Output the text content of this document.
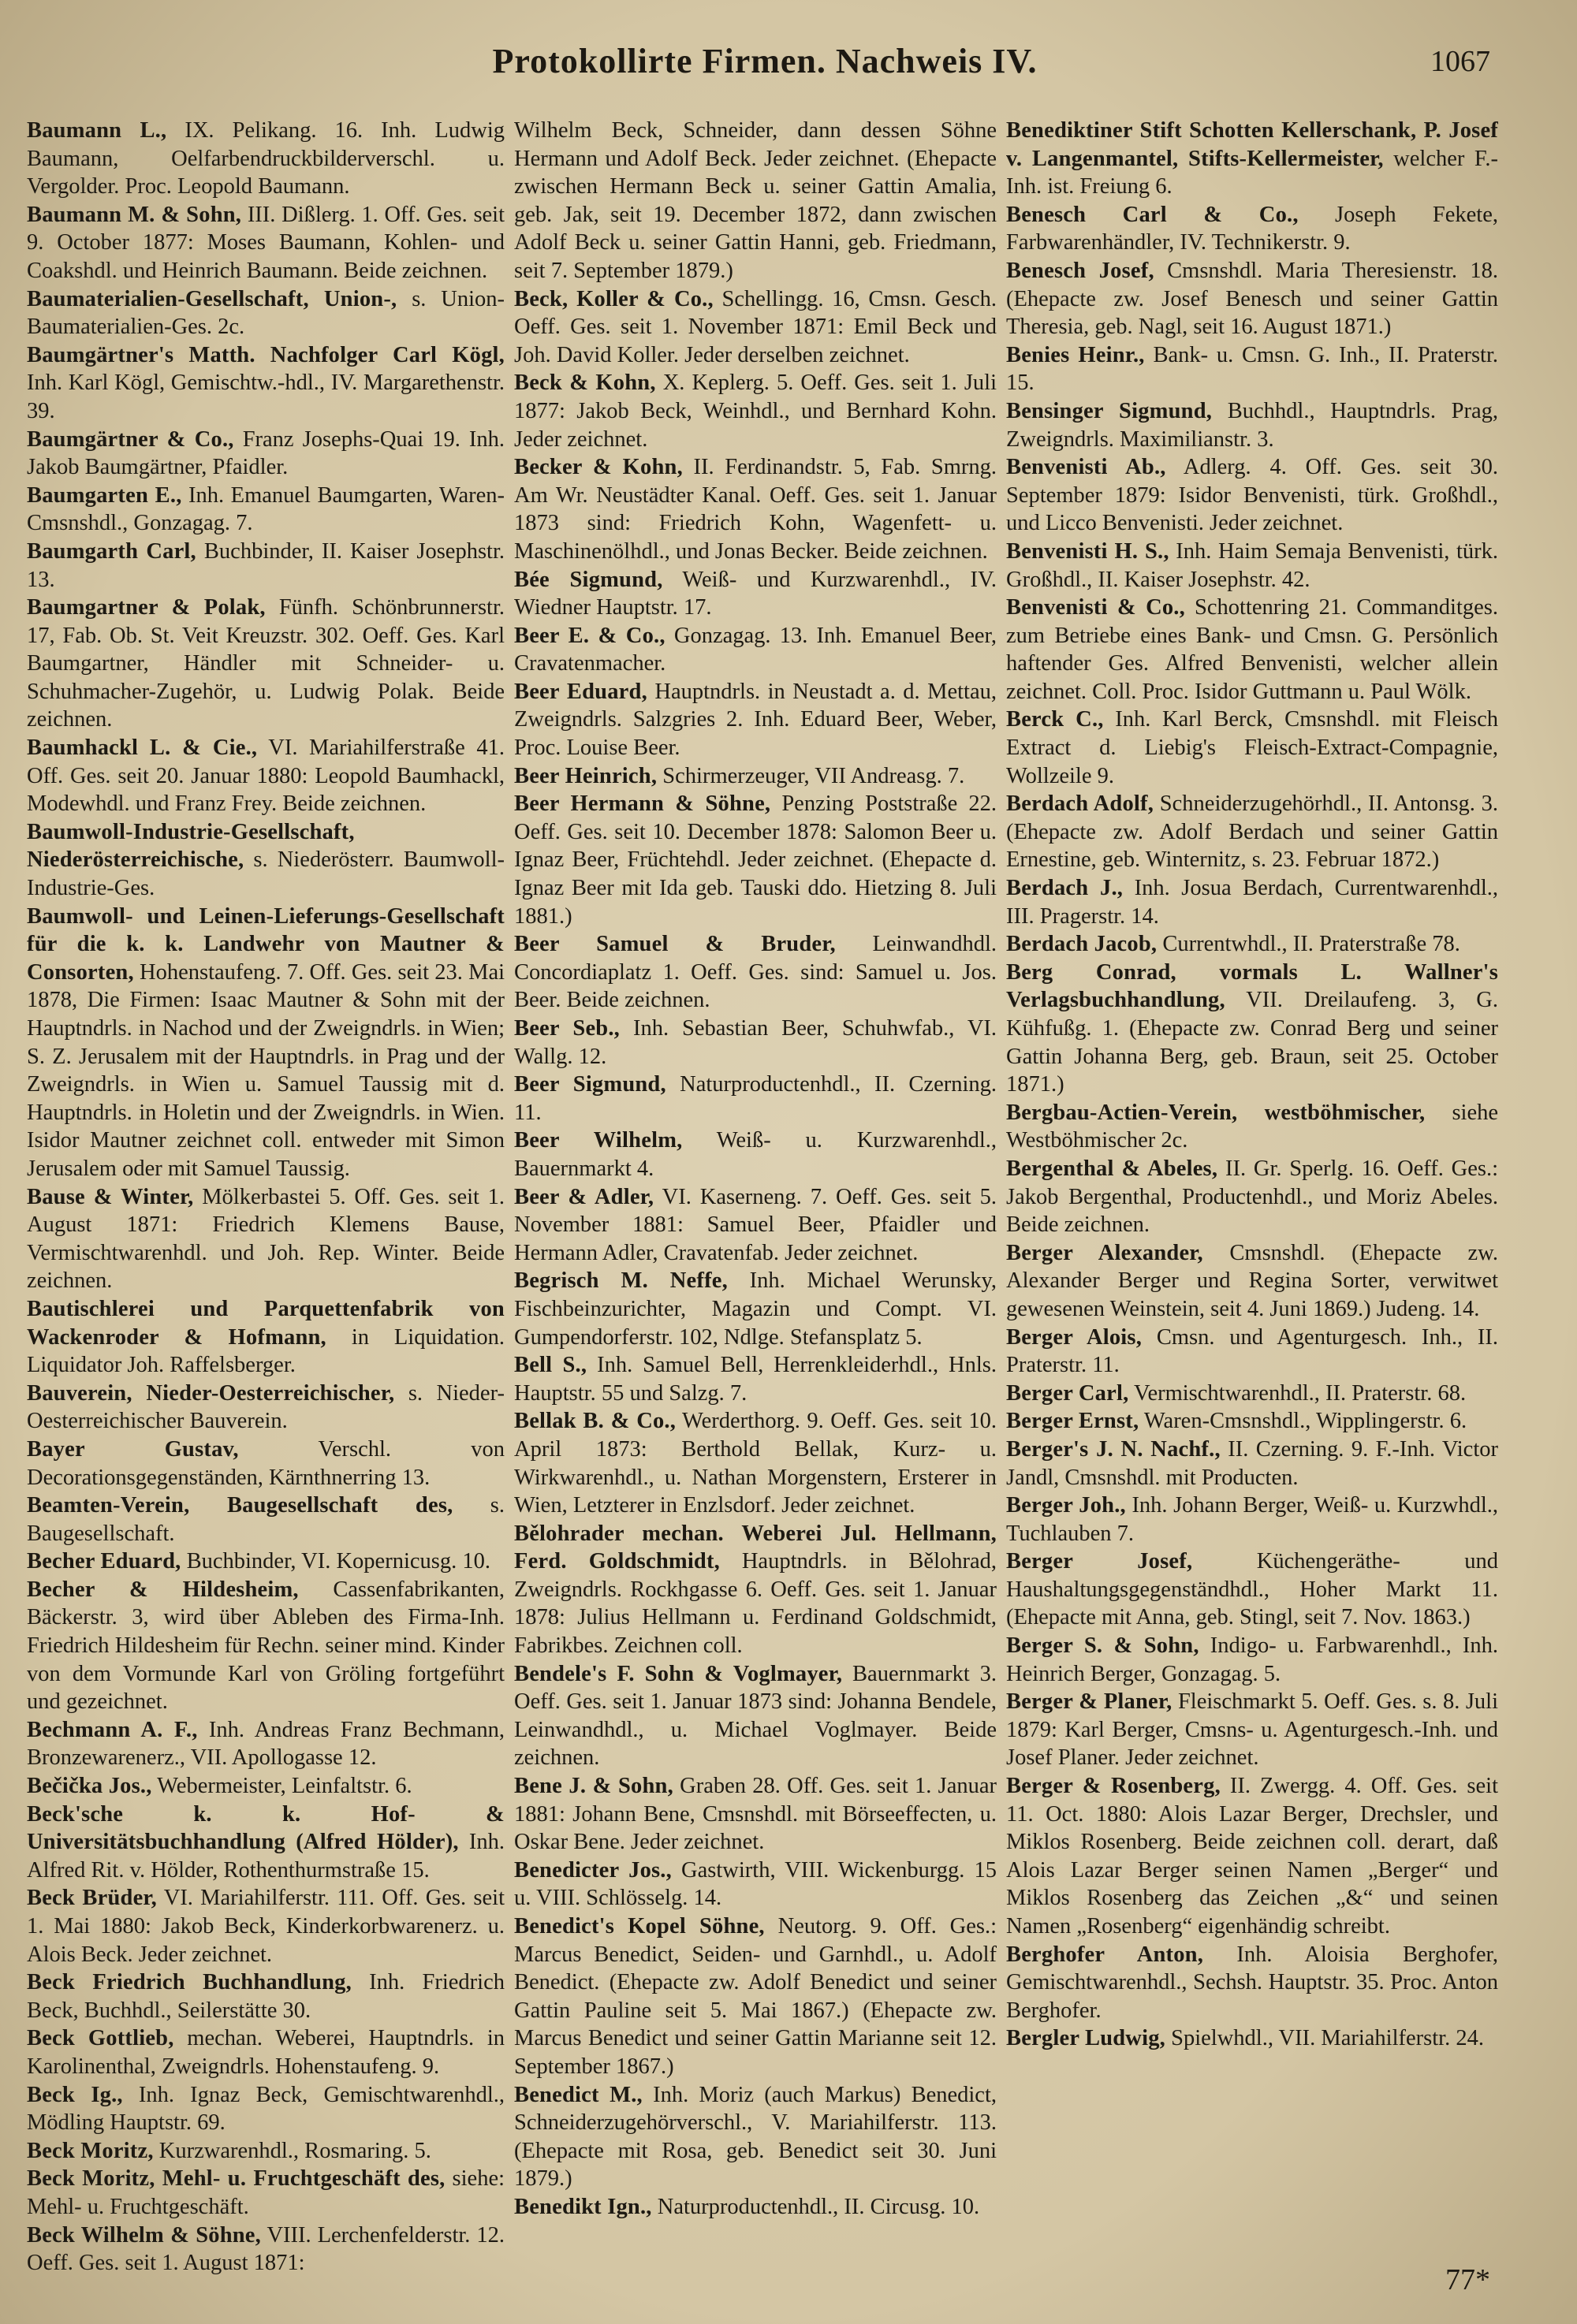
Protokollirte Firmen. Nachweis IV.	1067

Baumann L., IX. Pelikang. 16. Inh. Ludwig Baumann, Oelfarbendruckbilderverschl. u. Vergolder. Proc. Leopold Baumann.

Baumann M. & Sohn, III. Dißlerg. 1. Off. Ges. seit 9. October 1877: Moses Baumann, Kohlen- und Coakshdl. und Heinrich Baumann. Beide zeichnen.

Baumaterialien-Gesellschaft, Union-, s. Union-Baumaterialien-Ges. 2c.

Baumgärtner's Matth. Nachfolger Carl Kögl, Inh. Karl Kögl, Gemischtw.-hdl., IV. Margarethenstr. 39.

Baumgärtner & Co., Franz Josephs-Quai 19. Inh. Jakob Baumgärtner, Pfaidler.

Baumgarten E., Inh. Emanuel Baumgarten, Waren-Cmsnshdl., Gonzagag. 7.

Baumgarth Carl, Buchbinder, II. Kaiser Josephstr. 13.

Baumgartner & Polak, Fünfh. Schönbrunnerstr. 17, Fab. Ob. St. Veit Kreuzstr. 302. Oeff. Ges. Karl Baumgartner, Händler mit Schneider- u. Schuhmacher-Zugehör, u. Ludwig Polak. Beide zeichnen.

Baumhackl L. & Cie., VI. Mariahilferstraße 41. Off. Ges. seit 20. Januar 1880: Leopold Baumhackl, Modewhdl. und Franz Frey. Beide zeichnen.

Baumwoll-Industrie-Gesellschaft, Niederösterreichische, s. Niederösterr. Baumwoll-Industrie-Ges.

Baumwoll- und Leinen-Lieferungs-Gesellschaft für die k. k. Landwehr von Mautner & Consorten, Hohenstaufeng. 7. Off. Ges. seit 23. Mai 1878, Die Firmen: Isaac Mautner & Sohn mit der Hauptndrls. in Nachod und der Zweigndrls. in Wien; S. Z. Jerusalem mit der Hauptndrls. in Prag und der Zweigndrls. in Wien u. Samuel Taussig mit d. Hauptndrls. in Holetin und der Zweigndrls. in Wien. Isidor Mautner zeichnet coll. entweder mit Simon Jerusalem oder mit Samuel Taussig.

Bause & Winter, Mölkerbastei 5. Off. Ges. seit 1. August 1871: Friedrich Klemens Bause, Vermischtwarenhdl. und Joh. Rep. Winter. Beide zeichnen.

Bautischlerei und Parquettenfabrik von Wackenroder & Hofmann, in Liquidation. Liquidator Joh. Raffelsberger.

Bauverein, Nieder-Oesterreichischer, s. Nieder-Oesterreichischer Bauverein.

Bayer Gustav,	Verschl. von Decorationsgegenständen, Kärnthnerring 13.

Beamten-Verein, Baugesellschaft des, s. Baugesellschaft.

Becher Eduard, Buchbinder, VI. Kopernicusg. 10.

Becher & Hildesheim, Cassenfabrikanten, Bäckerstr. 3, wird über Ableben des Firma-Inh. Friedrich Hildesheim für Rechn. seiner mind. Kinder von dem Vormunde Karl von Gröling fortgeführt und gezeichnet.

Bechmann A. F., Inh. Andreas Franz Bechmann, Bronzewarenerz., VII. Apollogasse 12.

Bečička Jos., Webermeister, Leinfaltstr. 6.

Beck'sche k. k. Hof- & Universitätsbuchhandlung (Alfred Hölder), Inh. Alfred Rit. v. Hölder, Rothenthurmstraße 15.

Beck Brüder, VI. Mariahilferstr. 111. Off. Ges. seit 1. Mai 1880: Jakob Beck, Kinderkorbwarenerz. u. Alois Beck. Jeder zeichnet.

Beck Friedrich Buchhandlung, Inh. Friedrich Beck, Buchhdl., Seilerstätte 30.

Beck Gottlieb, mechan. Weberei, Hauptndrls. in Karolinenthal, Zweigndrls. Hohenstaufeng. 9.

Beck Ig., Inh. Ignaz Beck, Gemischtwarenhdl., Mödling Hauptstr. 69.

Beck Moritz, Kurzwarenhdl., Rosmaring. 5.

Beck Moritz, Mehl- u. Fruchtgeschäft des, siehe: Mehl- u. Fruchtgeschäft.

Beck Wilhelm & Söhne, VIII. Lerchenfelderstr. 12. Oeff. Ges. seit 1. August 1871:

Wilhelm Beck, Schneider, dann dessen Söhne Hermann und Adolf Beck. Jeder zeichnet. (Ehepacte zwischen Hermann Beck u. seiner Gattin Amalia, geb. Jak, seit 19. December 1872, dann zwischen Adolf Beck u. seiner Gattin Hanni, geb. Friedmann, seit 7. September 1879.)

Beck, Koller & Co., Schellingg. 16, Cmsn. Gesch. Oeff. Ges. seit 1. November 1871: Emil Beck und Joh. David Koller. Jeder derselben zeichnet.

Beck & Kohn, X. Keplerg. 5. Oeff. Ges. seit 1. Juli 1877: Jakob Beck, Weinhdl., und Bernhard Kohn. Jeder zeichnet.

Becker & Kohn, II. Ferdinandstr. 5, Fab. Smrng. Am Wr. Neustädter Kanal. Oeff. Ges. seit 1. Januar 1873 sind: Friedrich Kohn, Wagenfett- u. Maschinenölhdl., und Jonas Becker. Beide zeichnen.

Bée Sigmund, Weiß- und Kurzwarenhdl., IV. Wiedner Hauptstr. 17.

Beer E. & Co., Gonzagag. 13. Inh. Emanuel Beer, Cravatenmacher.

Beer Eduard, Hauptndrls. in Neustadt a. d. Mettau, Zweigndrls. Salzgries 2. Inh. Eduard Beer, Weber, Proc. Louise Beer.

Beer Heinrich, Schirmerzeuger, VII Andreasg. 7.

Beer Hermann & Söhne, Penzing Poststraße 22. Oeff. Ges. seit 10. December 1878: Salomon Beer u. Ignaz Beer, Früchtehdl. Jeder zeichnet. (Ehepacte d. Ignaz Beer mit Ida geb. Tauski ddo. Hietzing 8. Juli 1881.)

Beer Samuel & Bruder, Leinwandhdl. Concordiaplatz 1. Oeff. Ges. sind: Samuel u. Jos. Beer. Beide zeichnen.

Beer Seb., Inh. Sebastian Beer, Schuhwfab., VI. Wallg. 12.

Beer Sigmund, Naturproductenhdl., II. Czerning. 11.

Beer Wilhelm, Weiß- u. Kurzwarenhdl., Bauernmarkt 4.

Beer & Adler, VI. Kaserneng. 7. Oeff. Ges. seit 5. November 1881: Samuel Beer, Pfaidler und Hermann Adler, Cravatenfab. Jeder zeichnet.

Begrisch M. Neffe, Inh. Michael Werunsky, Fischbeinzurichter, Magazin und Compt. VI. Gumpendorferstr. 102, Ndlge. Stefansplatz 5.

Bell S., Inh. Samuel Bell, Herrenkleiderhdl., Hnls. Hauptstr. 55 und Salzg. 7.

Bellak B. & Co., Werderthorg. 9. Oeff. Ges. seit 10. April 1873: Berthold Bellak, Kurz- u. Wirkwarenhdl., u. Nathan Morgenstern, Ersterer in Wien, Letzterer in Enzlsdorf. Jeder zeichnet.

Bělohrader mechan. Weberei Jul. Hellmann, Ferd. Goldschmidt, Hauptndrls. in Bělohrad, Zweigndrls. Rockhgasse 6. Oeff. Ges. seit 1. Januar 1878: Julius Hellmann u. Ferdinand Goldschmidt, Fabrikbes. Zeichnen coll.

Bendele's F. Sohn & Voglmayer, Bauernmarkt 3. Oeff. Ges. seit 1. Januar 1873 sind: Johanna Bendele, Leinwandhdl., u. Michael Voglmayer. Beide zeichnen.

Bene J. & Sohn, Graben 28. Off. Ges. seit 1. Januar 1881: Johann Bene, Cmsnshdl. mit Börseeffecten, u. Oskar Bene. Jeder zeichnet.

Benedicter Jos., Gastwirth, VIII. Wickenburgg. 15 u. VIII. Schlösselg. 14.

Benedict's Kopel Söhne, Neutorg. 9. Off. Ges.: Marcus Benedict, Seiden- und Garnhdl., u. Adolf Benedict. (Ehepacte zw. Adolf Benedict und seiner Gattin Pauline seit 5. Mai 1867.) (Ehepacte zw. Marcus Benedict und seiner Gattin Marianne seit 12. September 1867.)

Benedict M., Inh. Moriz (auch Markus) Benedict, Schneiderzugehörverschl., V. Mariahilferstr. 113. (Ehepacte mit Rosa, geb. Benedict seit 30. Juni 1879.)

Benedikt Ign., Naturproductenhdl., II. Circusg. 10.

Benediktiner Stift Schotten Kellerschank, P. Josef v. Langenmantel, Stifts-Kellermeister, welcher F.-Inh. ist. Freiung 6.

Benesch Carl & Co., Joseph Fekete, Farbwarenhändler, IV. Technikerstr. 9.

Benesch Josef, Cmsnshdl. Maria Theresienstr. 18. (Ehepacte zw. Josef Benesch und seiner Gattin Theresia, geb. Nagl, seit 16. August 1871.)

Benies Heinr., Bank- u. Cmsn. G. Inh., II. Praterstr. 15.

Bensinger Sigmund, Buchhdl., Hauptndrls. Prag, Zweigndrls. Maximilianstr. 3.

Benvenisti Ab., Adlerg. 4. Off. Ges. seit 30. September 1879: Isidor Benvenisti, türk. Großhdl., und Licco Benvenisti. Jeder zeichnet.

Benvenisti H. S., Inh. Haim Semaja Benvenisti, türk. Großhdl., II. Kaiser Josephstr. 42.

Benvenisti & Co., Schottenring 21. Commanditges. zum Betriebe eines Bank- und Cmsn. G. Persönlich haftender Ges. Alfred Benvenisti, welcher allein zeichnet. Coll. Proc. Isidor Guttmann u. Paul Wölk.

Berck C., Inh. Karl Berck, Cmsnshdl. mit Fleisch Extract d. Liebig's Fleisch-Extract-Compagnie, Wollzeile 9.

Berdach Adolf, Schneiderzugehörhdl., II. Antonsg. 3. (Ehepacte zw. Adolf Berdach und seiner Gattin Ernestine, geb. Winternitz, s. 23. Februar 1872.)

Berdach J., Inh. Josua Berdach, Currentwarenhdl., III. Pragerstr. 14.

Berdach Jacob, Currentwhdl., II. Praterstraße 78.

Berg Conrad, vormals L. Wallner's Verlagsbuchhandlung, VII. Dreilaufeng. 3, G. Kühfußg. 1. (Ehepacte zw. Conrad Berg und seiner Gattin Johanna Berg, geb. Braun, seit 25. October 1871.)

Bergbau-Actien-Verein, westböhmischer, siehe Westböhmischer 2c.

Bergenthal & Abeles, II. Gr. Sperlg. 16. Oeff. Ges.: Jakob Bergenthal, Productenhdl., und Moriz Abeles. Beide zeichnen.

Berger Alexander, Cmsnshdl. (Ehepacte zw. Alexander Berger und Regina Sorter, verwitwet gewesenen Weinstein, seit 4. Juni 1869.) Judeng. 14.

Berger Alois, Cmsn. und Agenturgesch. Inh., II. Praterstr. 11.

Berger Carl, Vermischtwarenhdl., II. Praterstr. 68.

Berger Ernst, Waren-Cmsnshdl., Wipplingerstr. 6.

Berger's J. N. Nachf., II. Czerning. 9. F.-Inh. Victor Jandl, Cmsnshdl. mit Producten.

Berger Joh., Inh. Johann Berger, Weiß- u. Kurzwhdl., Tuchlauben 7.

Berger Josef,	Küchengeräthe- und Haushaltungsgegenständhdl., Hoher Markt 11. (Ehepacte mit Anna, geb. Stingl, seit 7. Nov. 1863.)

Berger S. & Sohn, Indigo- u. Farbwarenhdl., Inh. Heinrich Berger, Gonzagag. 5.

Berger & Planer, Fleischmarkt 5. Oeff. Ges. s. 8. Juli 1879: Karl Berger, Cmsns- u. Agenturgesch.-Inh. und Josef Planer. Jeder zeichnet.

Berger & Rosenberg, II. Zwergg. 4. Off. Ges. seit 11. Oct. 1880: Alois Lazar Berger, Drechsler, und Miklos Rosenberg. Beide zeichnen coll. derart, daß Alois Lazar Berger seinen Namen „Berger“ und Miklos Rosenberg das Zeichen „&“ und seinen Namen „Rosenberg“ eigenhändig schreibt.

Berghofer Anton, Inh. Aloisia Berghofer, Gemischtwarenhdl., Sechsh. Hauptstr. 35. Proc. Anton Berghofer.

Bergler Ludwig, Spielwhdl., VII. Mariahilferstr. 24.

77*
